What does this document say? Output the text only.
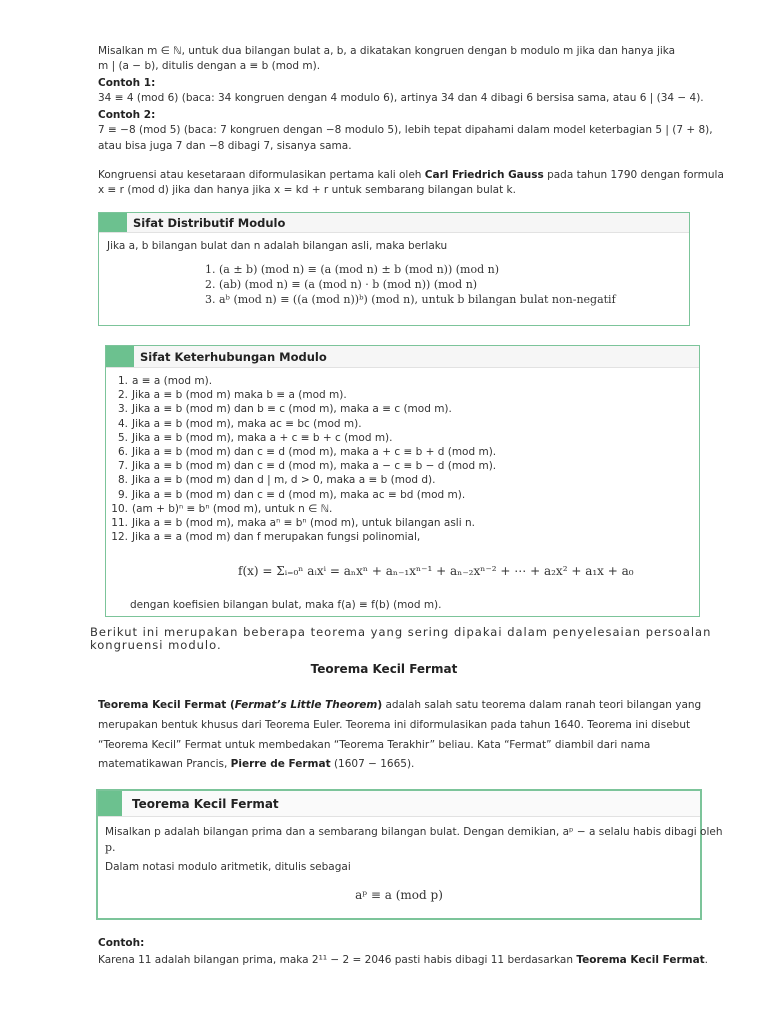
Misalkan m ∈ ℕ, untuk dua bilangan bulat a, b, a dikatakan kongruen dengan b modulo m jika dan hanya jika
m | (a − b), ditulis dengan a ≡ b (mod m).
Contoh 1:
34 ≡ 4 (mod 6) (baca: 34 kongruen dengan 4 modulo 6), artinya 34 dan 4 dibagi 6 bersisa sama, atau 6 | (34 − 4).
Contoh 2:
7 ≡ −8 (mod 5) (baca: 7 kongruen dengan −8 modulo 5), lebih tepat dipahami dalam model keterbagian 5 | (7 + 8),
atau bisa juga 7 dan −8 dibagi 7, sisanya sama.
Kongruensi atau kesetaraan diformulasikan pertama kali oleh Carl Friedrich Gauss pada tahun 1790 dengan formula
x ≡ r (mod d) jika dan hanya jika x = kd + r untuk sembarang bilangan bulat k.
Sifat Distributif Modulo
Jika a, b bilangan bulat dan n adalah bilangan asli, maka berlaku
1. (a ± b) (mod n) ≡ (a (mod n) ± b (mod n)) (mod n)
2. (ab) (mod n) ≡ (a (mod n) · b (mod n)) (mod n)
3. aᵇ (mod n) ≡ ((a (mod n))ᵇ) (mod n), untuk b bilangan bulat non-negatif
Sifat Keterhubungan Modulo
1. a ≡ a (mod m).
2. Jika a ≡ b (mod m) maka b ≡ a (mod m).
3. Jika a ≡ b (mod m) dan b ≡ c (mod m), maka a ≡ c (mod m).
4. Jika a ≡ b (mod m), maka ac ≡ bc (mod m).
5. Jika a ≡ b (mod m), maka a + c ≡ b + c (mod m).
6. Jika a ≡ b (mod m) dan c ≡ d (mod m), maka a + c ≡ b + d (mod m).
7. Jika a ≡ b (mod m) dan c ≡ d (mod m), maka a − c ≡ b − d (mod m).
8. Jika a ≡ b (mod m) dan d | m, d > 0, maka a ≡ b (mod d).
9. Jika a ≡ b (mod m) dan c ≡ d (mod m), maka ac ≡ bd (mod m).
10. (am + b)ⁿ ≡ bⁿ (mod m), untuk n ∈ ℕ.
11. Jika a ≡ b (mod m), maka aⁿ ≡ bⁿ (mod m), untuk bilangan asli n.
12. Jika a ≡ a (mod m) dan f merupakan fungsi polinomial,
f(x) = Σᵢ₌₀ⁿ aᵢxⁱ = aₙxⁿ + aₙ₋₁xⁿ⁻¹ + aₙ₋₂xⁿ⁻² + ⋯ + a₂x² + a₁x + a₀
dengan koefisien bilangan bulat, maka f(a) ≡ f(b) (mod m).
Berikut ini merupakan beberapa teorema yang sering dipakai dalam penyelesaian persoalan
kongruensi modulo.
Teorema Kecil Fermat
Teorema Kecil Fermat (Fermat’s Little Theorem) adalah salah satu teorema dalam ranah teori bilangan yang
merupakan bentuk khusus dari Teorema Euler. Teorema ini diformulasikan pada tahun 1640. Teorema ini disebut
“Teorema Kecil” Fermat untuk membedakan “Teorema Terakhir” beliau. Kata “Fermat” diambil dari nama
matematikawan Prancis, Pierre de Fermat (1607 − 1665).
Teorema Kecil Fermat
Misalkan p adalah bilangan prima dan a sembarang bilangan bulat. Dengan demikian, aᵖ − a selalu habis dibagi oleh
p.
Dalam notasi modulo aritmetik, ditulis sebagai
aᵖ ≡ a (mod p)
Contoh:
Karena 11 adalah bilangan prima, maka 2¹¹ − 2 = 2046 pasti habis dibagi 11 berdasarkan Teorema Kecil Fermat.
